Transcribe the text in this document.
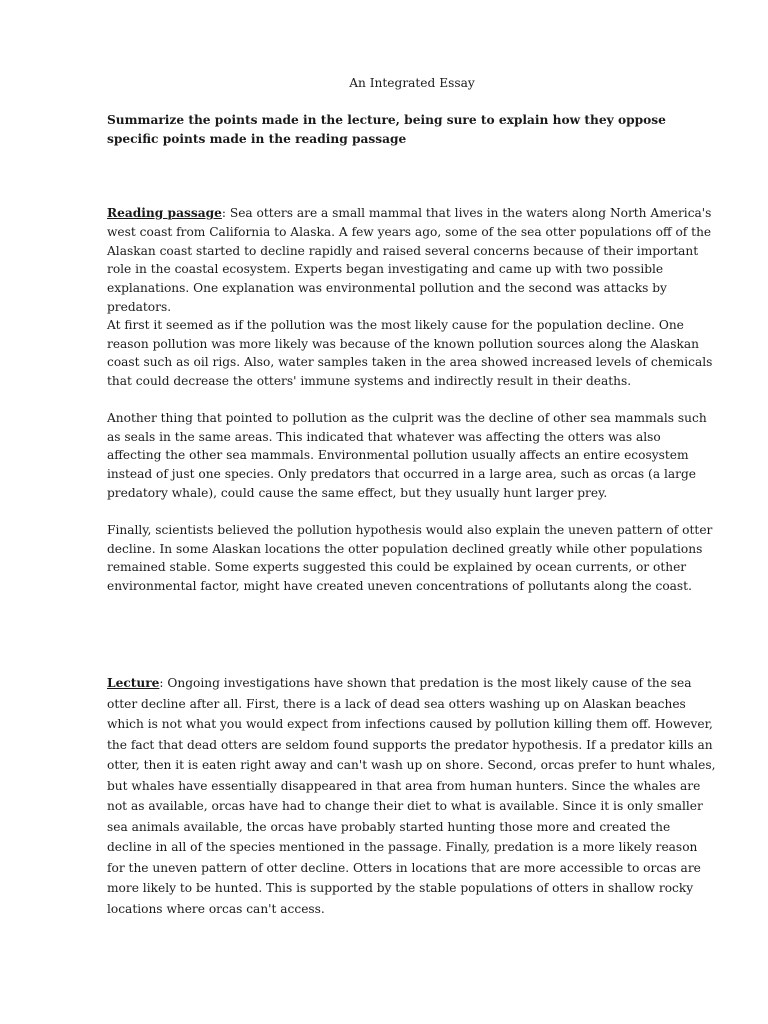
An Integrated Essay

Summarize the points made in the lecture, being sure to explain how they oppose specific points made in the reading passage

Reading passage: Sea otters are a small mammal that lives in the waters along North America's west coast from California to Alaska. A few years ago, some of the sea otter populations off of the Alaskan coast started to decline rapidly and raised several concerns because of their important role in the coastal ecosystem. Experts began investigating and came up with two possible explanations. One explanation was environmental pollution and the second was attacks by predators.

At first it seemed as if the pollution was the most likely cause for the population decline. One reason pollution was more likely was because of the known pollution sources along the Alaskan coast such as oil rigs. Also, water samples taken in the area showed increased levels of chemicals that could decrease the otters' immune systems and indirectly result in their deaths.

Another thing that pointed to pollution as the culprit was the decline of other sea mammals such as seals in the same areas. This indicated that whatever was affecting the otters was also affecting the other sea mammals. Environmental pollution usually affects an entire ecosystem instead of just one species. Only predators that occurred in a large area, such as orcas (a large predatory whale), could cause the same effect, but they usually hunt larger prey.

Finally, scientists believed the pollution hypothesis would also explain the uneven pattern of otter decline. In some Alaskan locations the otter population declined greatly while other populations remained stable. Some experts suggested this could be explained by ocean currents, or other environmental factor, might have created uneven concentrations of pollutants along the coast.

Lecture: Ongoing investigations have shown that predation is the most likely cause of the sea otter decline after all. First, there is a lack of dead sea otters washing up on Alaskan beaches which is not what you would expect from infections caused by pollution killing them off. However, the fact that dead otters are seldom found supports the predator hypothesis. If a predator kills an otter, then it is eaten right away and can't wash up on shore. Second, orcas prefer to hunt whales, but whales have essentially disappeared in that area from human hunters. Since the whales are not as available, orcas have had to change their diet to what is available. Since it is only smaller sea animals available, the orcas have probably started hunting those more and created the decline in all of the species mentioned in the passage. Finally, predation is a more likely reason for the uneven pattern of otter decline. Otters in locations that are more accessible to orcas are more likely to be hunted. This is supported by the stable populations of otters in shallow rocky locations where orcas can't access.
